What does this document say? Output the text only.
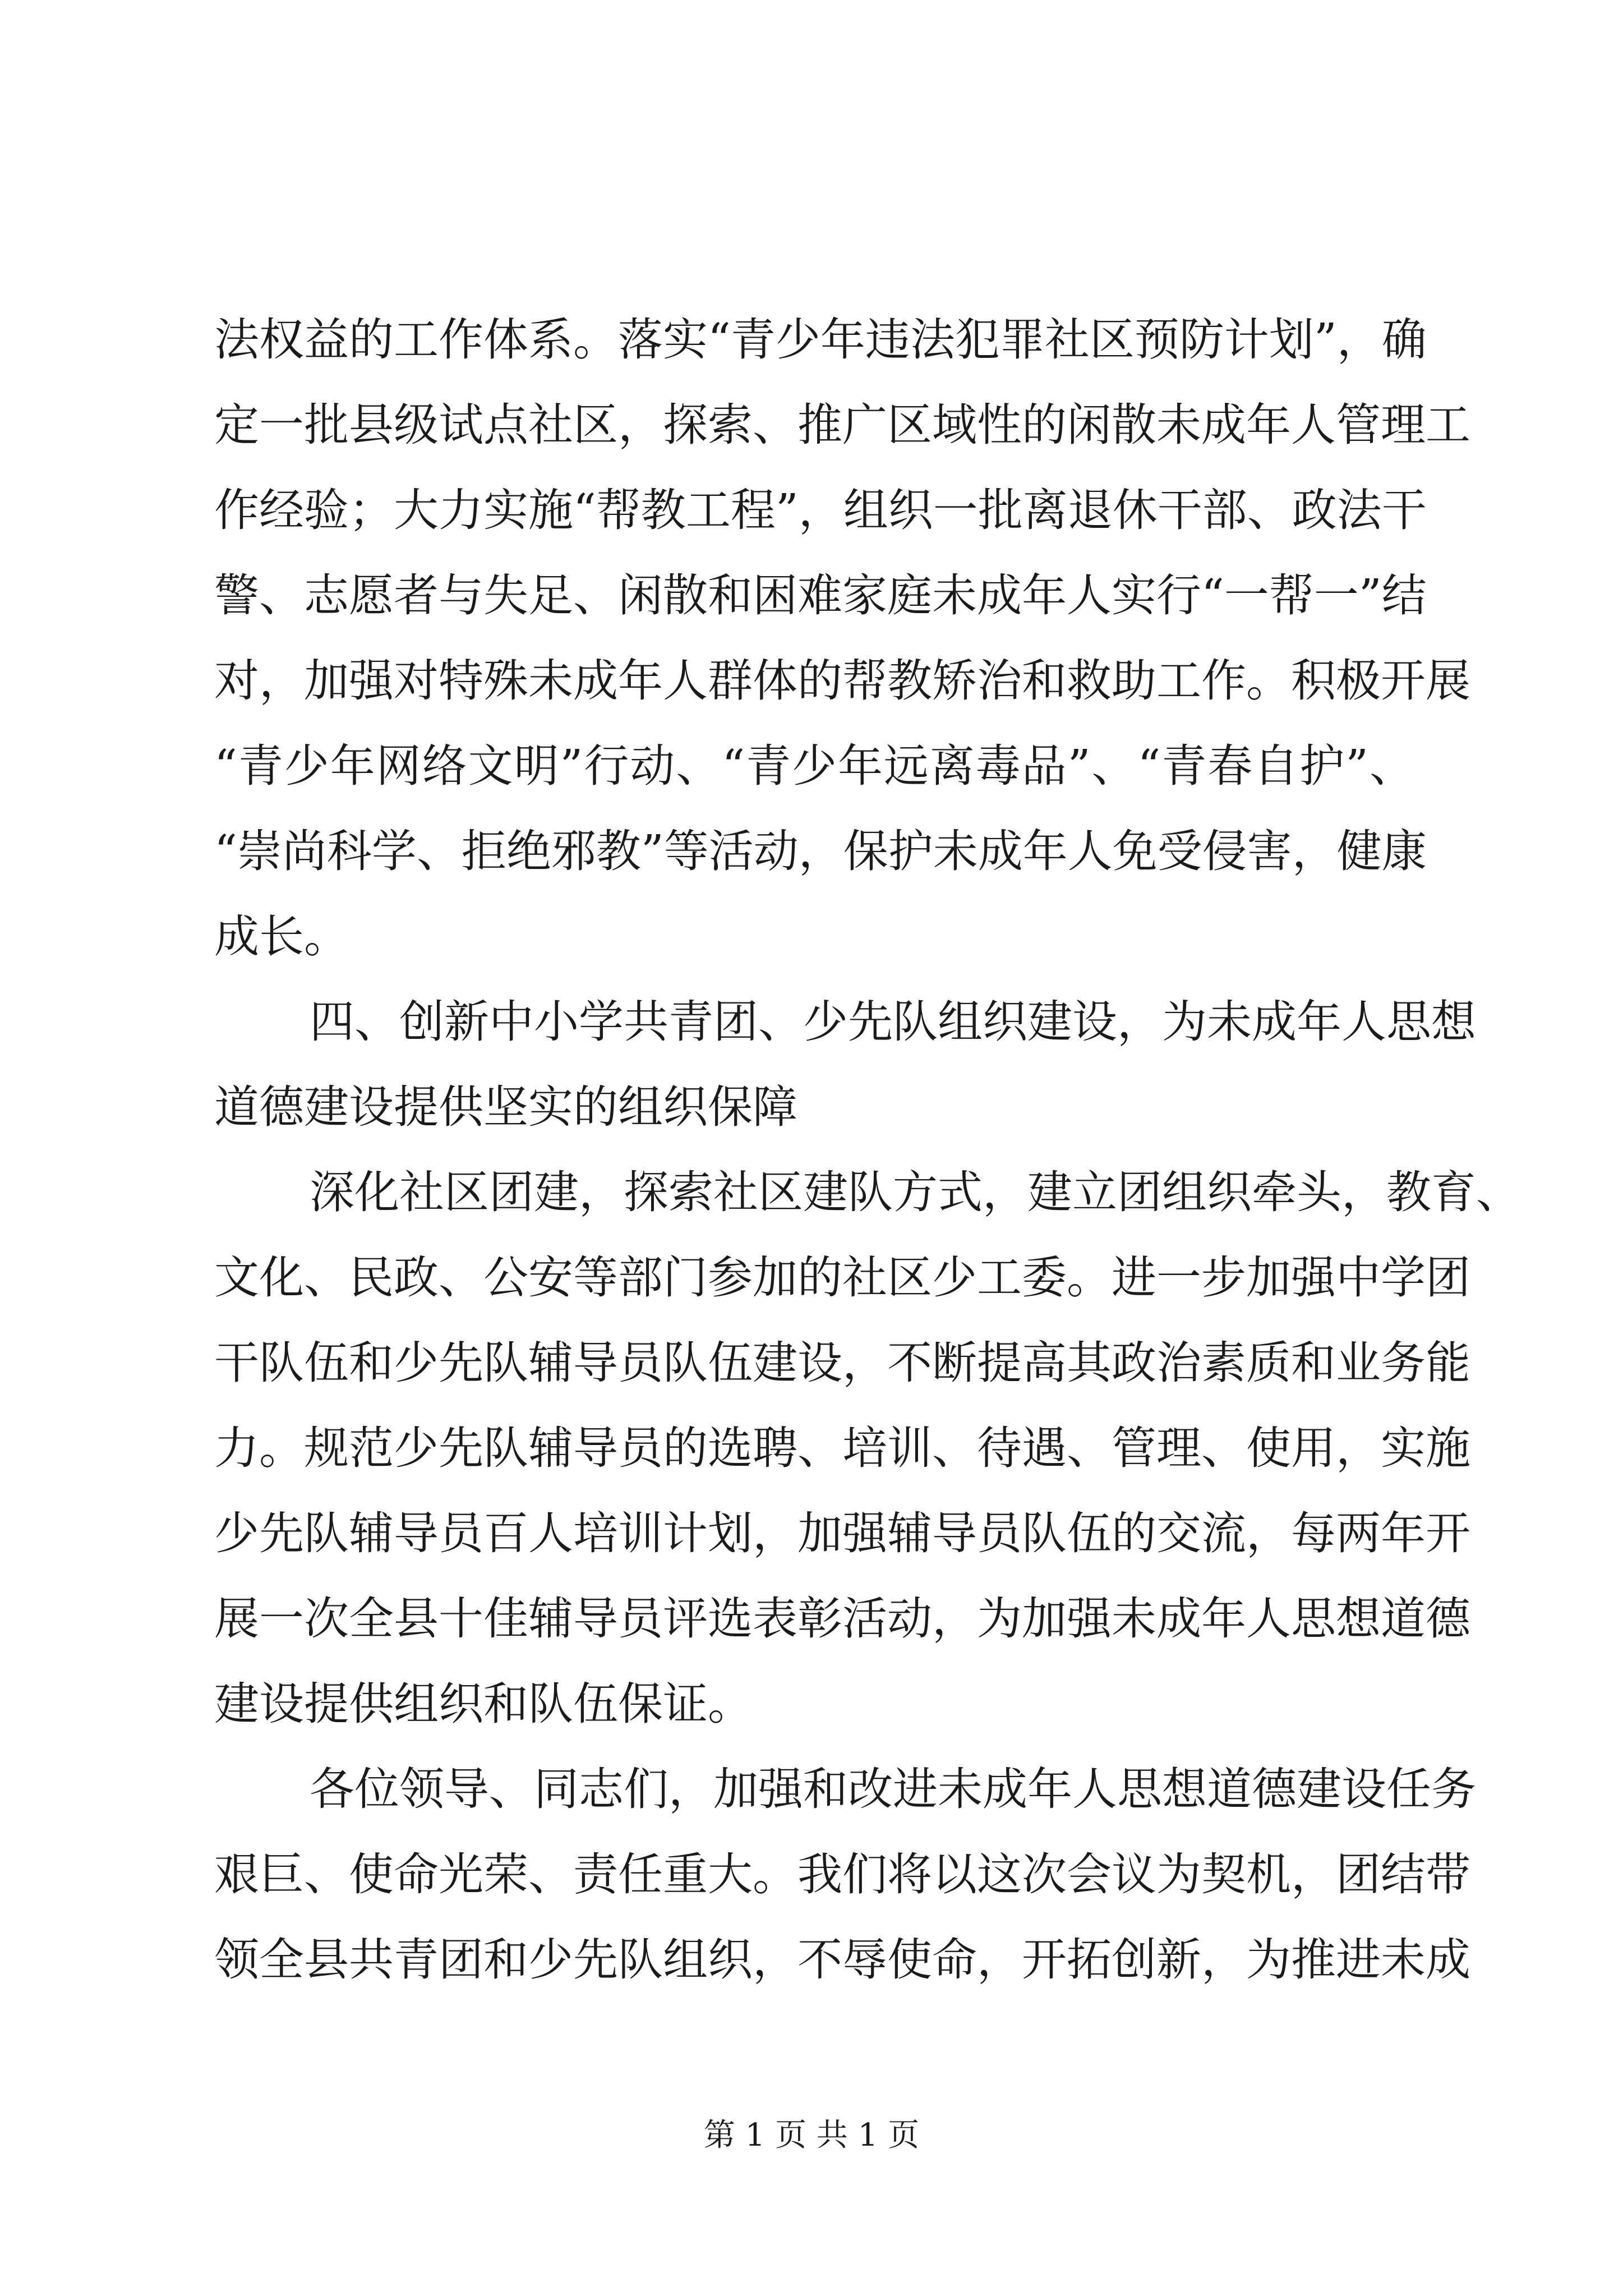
法权益的工作体系。落实“青少年违法犯罪社区预防计划”，确
定一批县级试点社区，探索、推广区域性的闲散未成年人管理工
作经验；大力实施“帮教工程”，组织一批离退休干部、政法干
警、志愿者与失足、闲散和困难家庭未成年人实行“一帮一”结
对，加强对特殊未成年人群体的帮教矫治和救助工作。积极开展
“青少年网络文明”行动、“青少年远离毒品”、“青春自护”、
“崇尚科学、拒绝邪教”等活动，保护未成年人免受侵害，健康
成长。
四、创新中小学共青团、少先队组织建设，为未成年人思想
道德建设提供坚实的组织保障
深化社区团建，探索社区建队方式，建立团组织牵头，教育、
文化、民政、公安等部门参加的社区少工委。进一步加强中学团
干队伍和少先队辅导员队伍建设，不断提高其政治素质和业务能
力。规范少先队辅导员的选聘、培训、待遇、管理、使用，实施
少先队辅导员百人培训计划，加强辅导员队伍的交流，每两年开
展一次全县十佳辅导员评选表彰活动，为加强未成年人思想道德
建设提供组织和队伍保证。
各位领导、同志们，加强和改进未成年人思想道德建设任务
艰巨、使命光荣、责任重大。我们将以这次会议为契机，团结带
领全县共青团和少先队组织，不辱使命，开拓创新，为推进未成
第 1 页 共 1 页
